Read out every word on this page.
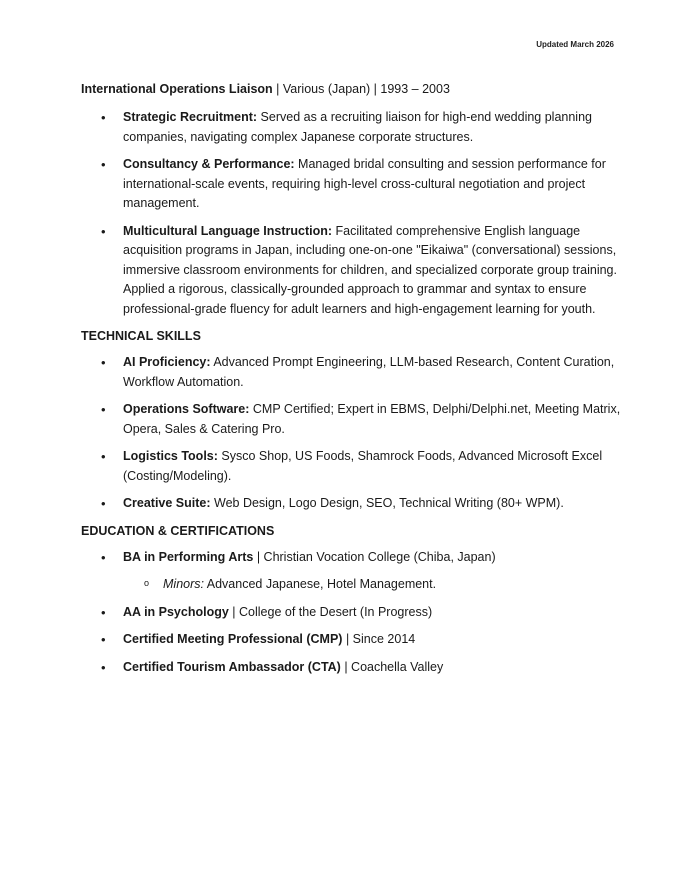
Updated March 2026
International Operations Liaison | Various (Japan) | 1993 – 2003
• Strategic Recruitment: Served as a recruiting liaison for high-end wedding planning companies, navigating complex Japanese corporate structures.
• Consultancy & Performance: Managed bridal consulting and session performance for international-scale events, requiring high-level cross-cultural negotiation and project management.
• Multicultural Language Instruction: Facilitated comprehensive English language acquisition programs in Japan, including one-on-one "Eikaiwa" (conversational) sessions, immersive classroom environments for children, and specialized corporate group training. Applied a rigorous, classically-grounded approach to grammar and syntax to ensure professional-grade fluency for adult learners and high-engagement learning for youth.
TECHNICAL SKILLS
• AI Proficiency: Advanced Prompt Engineering, LLM-based Research, Content Curation, Workflow Automation.
• Operations Software: CMP Certified; Expert in EBMS, Delphi/Delphi.net, Meeting Matrix, Opera, Sales & Catering Pro.
• Logistics Tools: Sysco Shop, US Foods, Shamrock Foods, Advanced Microsoft Excel (Costing/Modeling).
• Creative Suite: Web Design, Logo Design, SEO, Technical Writing (80+ WPM).
EDUCATION & CERTIFICATIONS
• BA in Performing Arts | Christian Vocation College (Chiba, Japan)
o Minors: Advanced Japanese, Hotel Management.
• AA in Psychology | College of the Desert (In Progress)
• Certified Meeting Professional (CMP) | Since 2014
• Certified Tourism Ambassador (CTA) | Coachella Valley
